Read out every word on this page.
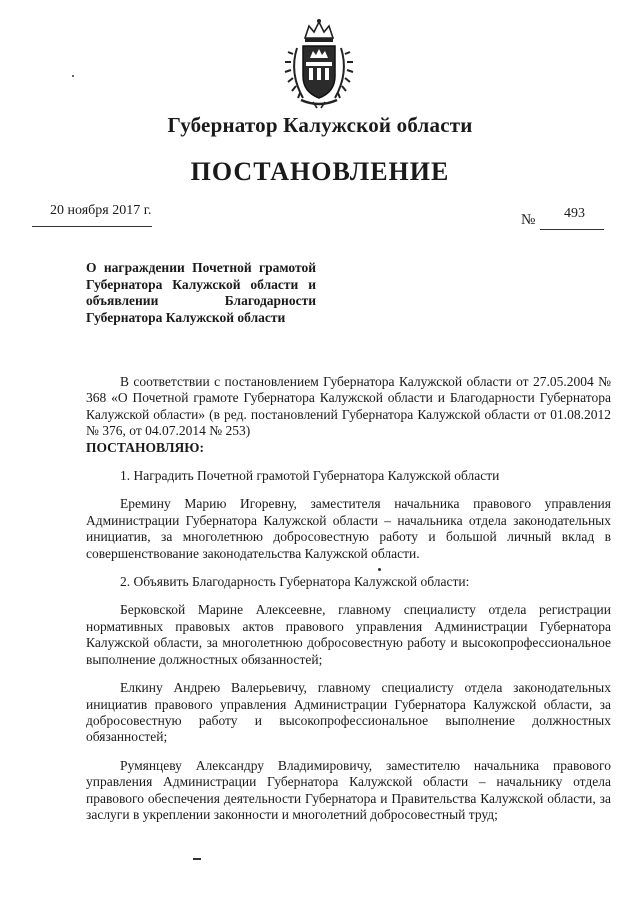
Губернатор Калужской области
ПОСТАНОВЛЕНИЕ
20 ноября 2017 г.
№ 493
О награждении Почетной грамотой Губернатора Калужской области и объявлении Благодарности Губернатора Калужской области

В соответствии с постановлением Губернатора Калужской области от 27.05.2004 № 368 «О Почетной грамоте Губернатора Калужской области и Благодарности Губернатора Калужской области» (в ред. постановлений Губернатора Калужской области от 01.08.2012 № 376, от 04.07.2014 № 253)

ПОСТАНОВЛЯЮ:

1. Наградить Почетной грамотой Губернатора Калужской области

Еремину Марию Игоревну, заместителя начальника правового управления Администрации Губернатора Калужской области – начальника отдела законодательных инициатив, за многолетнюю добросовестную работу и большой личный вклад в совершенствование законодательства Калужской области.

2. Объявить Благодарность Губернатора Калужской области:

Берковской Марине Алексеевне, главному специалисту отдела регистрации нормативных правовых актов правового управления Администрации Губернатора Калужской области, за многолетнюю добросовестную работу и высокопрофессиональное выполнение должностных обязанностей;

Елкину Андрею Валерьевичу, главному специалисту отдела законодательных инициатив правового управления Администрации Губернатора Калужской области, за добросовестную работу и высокопрофессиональное выполнение должностных обязанностей;

Румянцеву Александру Владимировичу, заместителю начальника правового управления Администрации Губернатора Калужской области – начальнику отдела правового обеспечения деятельности Губернатора и Правительства Калужской области, за заслуги в укреплении законности и многолетний добросовестный труд;
